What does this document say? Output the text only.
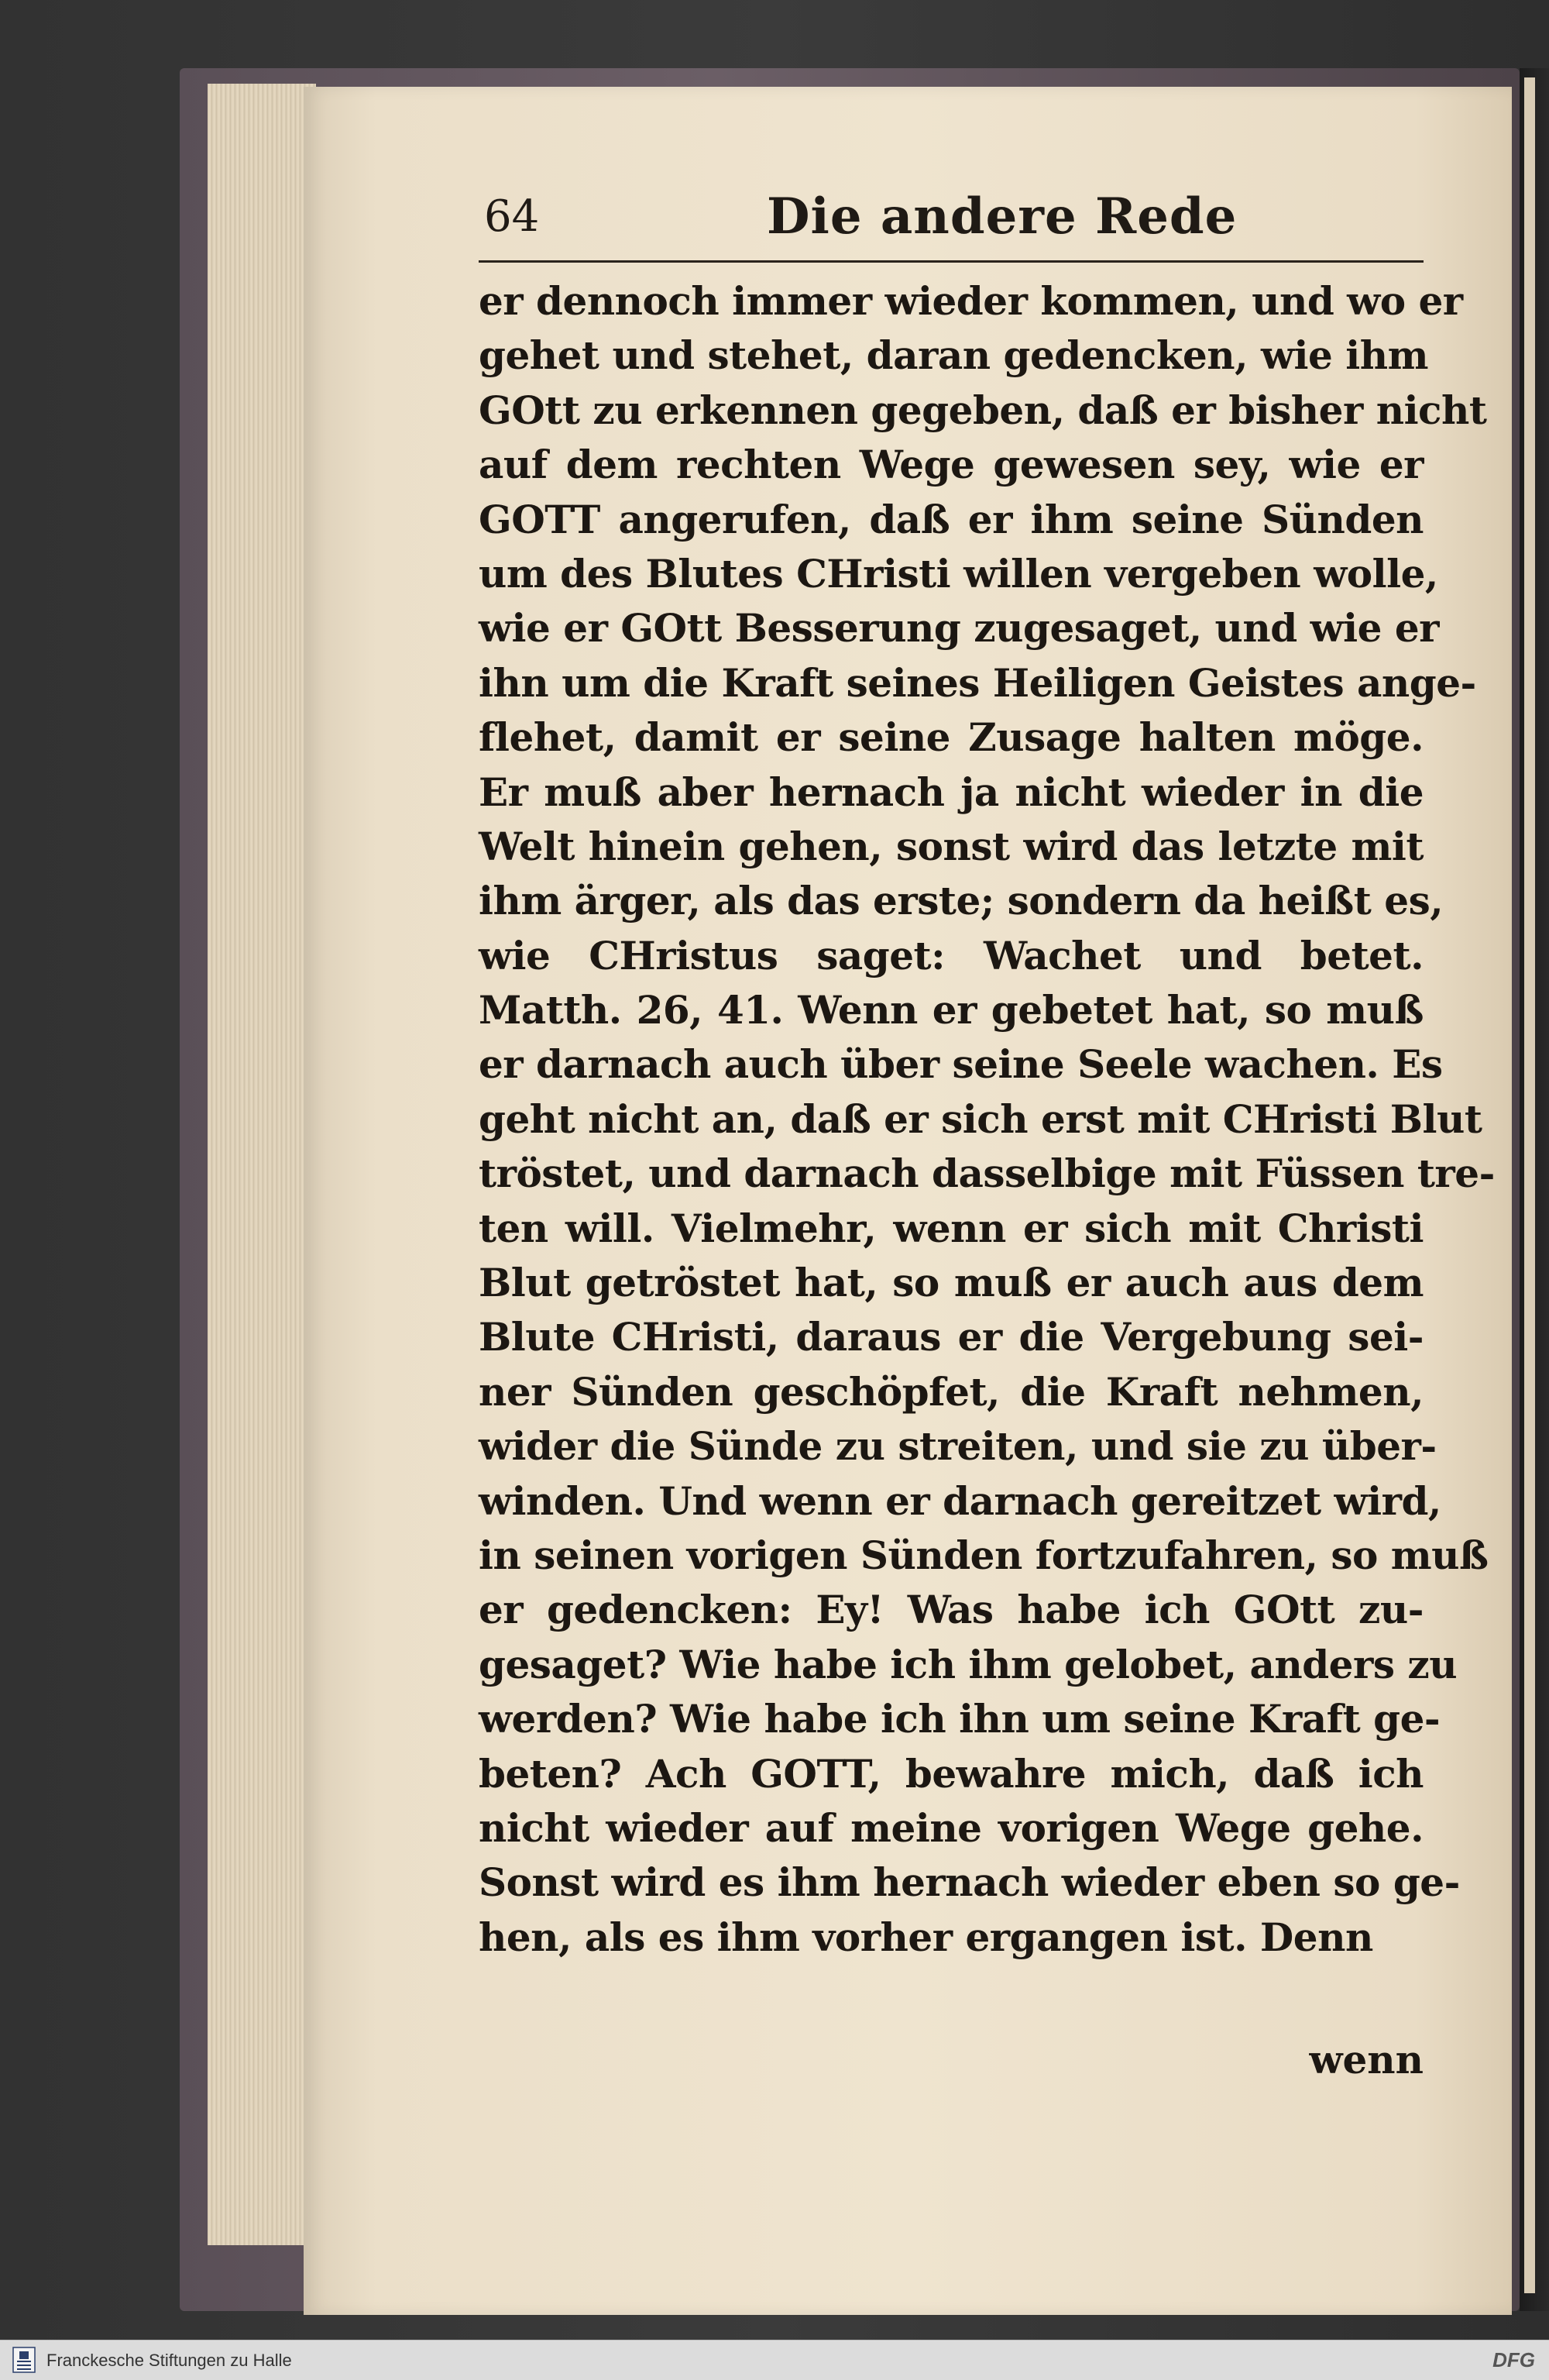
64	Die andere Rede
er dennoch immer wieder kommen, und wo er
gehet und stehet, daran gedencken, wie ihm
GOtt zu erkennen gegeben, daß er bisher nicht
auf dem rechten Wege gewesen sey, wie er
GOTT angerufen, daß er ihm seine Sünden
um des Blutes CHristi willen vergeben wolle,
wie er GOtt Besserung zugesaget, und wie er
ihn um die Kraft seines Heiligen Geistes ange-
flehet, damit er seine Zusage halten möge.
Er muß aber hernach ja nicht wieder in die
Welt hinein gehen, sonst wird das letzte mit
ihm ärger, als das erste; sondern da heißt es,
wie CHristus saget: Wachet und betet.
Matth. 26, 41. Wenn er gebetet hat, so muß
er darnach auch über seine Seele wachen. Es
geht nicht an, daß er sich erst mit CHristi Blut
tröstet, und darnach dasselbige mit Füssen tre-
ten will. Vielmehr, wenn er sich mit Christi
Blut getröstet hat, so muß er auch aus dem
Blute CHristi, daraus er die Vergebung sei-
ner Sünden geschöpfet, die Kraft nehmen,
wider die Sünde zu streiten, und sie zu über-
winden. Und wenn er darnach gereitzet wird,
in seinen vorigen Sünden fortzufahren, so muß
er gedencken: Ey! Was habe ich GOtt zu-
gesaget? Wie habe ich ihm gelobet, anders zu
werden? Wie habe ich ihn um seine Kraft ge-
beten? Ach GOTT, bewahre mich, daß ich
nicht wieder auf meine vorigen Wege gehe.
Sonst wird es ihm hernach wieder eben so ge-
hen, als es ihm vorher ergangen ist. Denn
wenn
Franckesche Stiftungen zu Halle	DFG
